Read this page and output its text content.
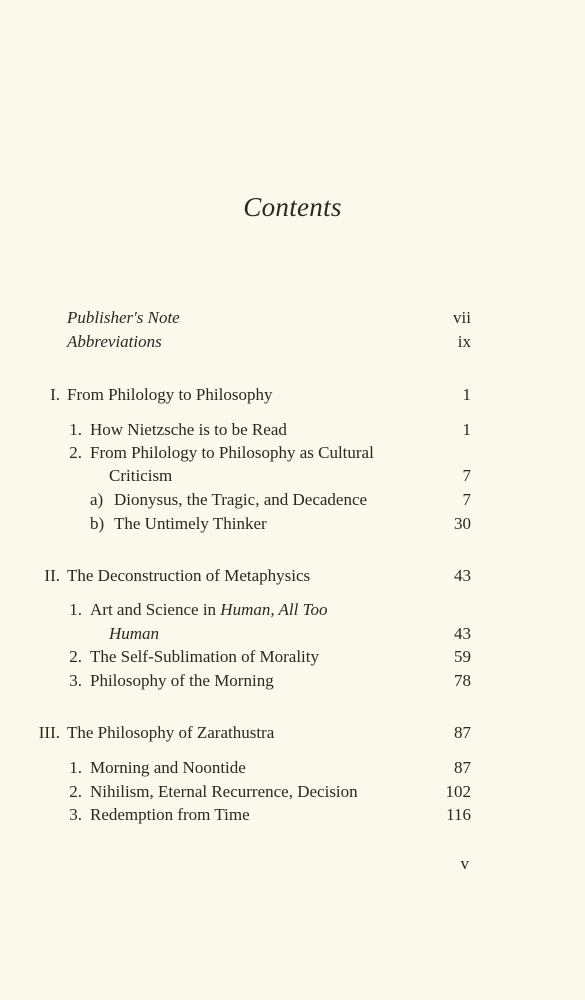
Contents
Publisher's Note	vii
Abbreviations	ix
I. From Philology to Philosophy	1
1. How Nietzsche is to be Read	1
2. From Philology to Philosophy as Cultural
Criticism	7
a) Dionysus, the Tragic, and Decadence	7
b) The Untimely Thinker	30
II. The Deconstruction of Metaphysics	43
1. Art and Science in Human, All Too
Human	43
2. The Self-Sublimation of Morality	59
3. Philosophy of the Morning	78
III. The Philosophy of Zarathustra	87
1. Morning and Noontide	87
2. Nihilism, Eternal Recurrence, Decision	102
3. Redemption from Time	116
v
